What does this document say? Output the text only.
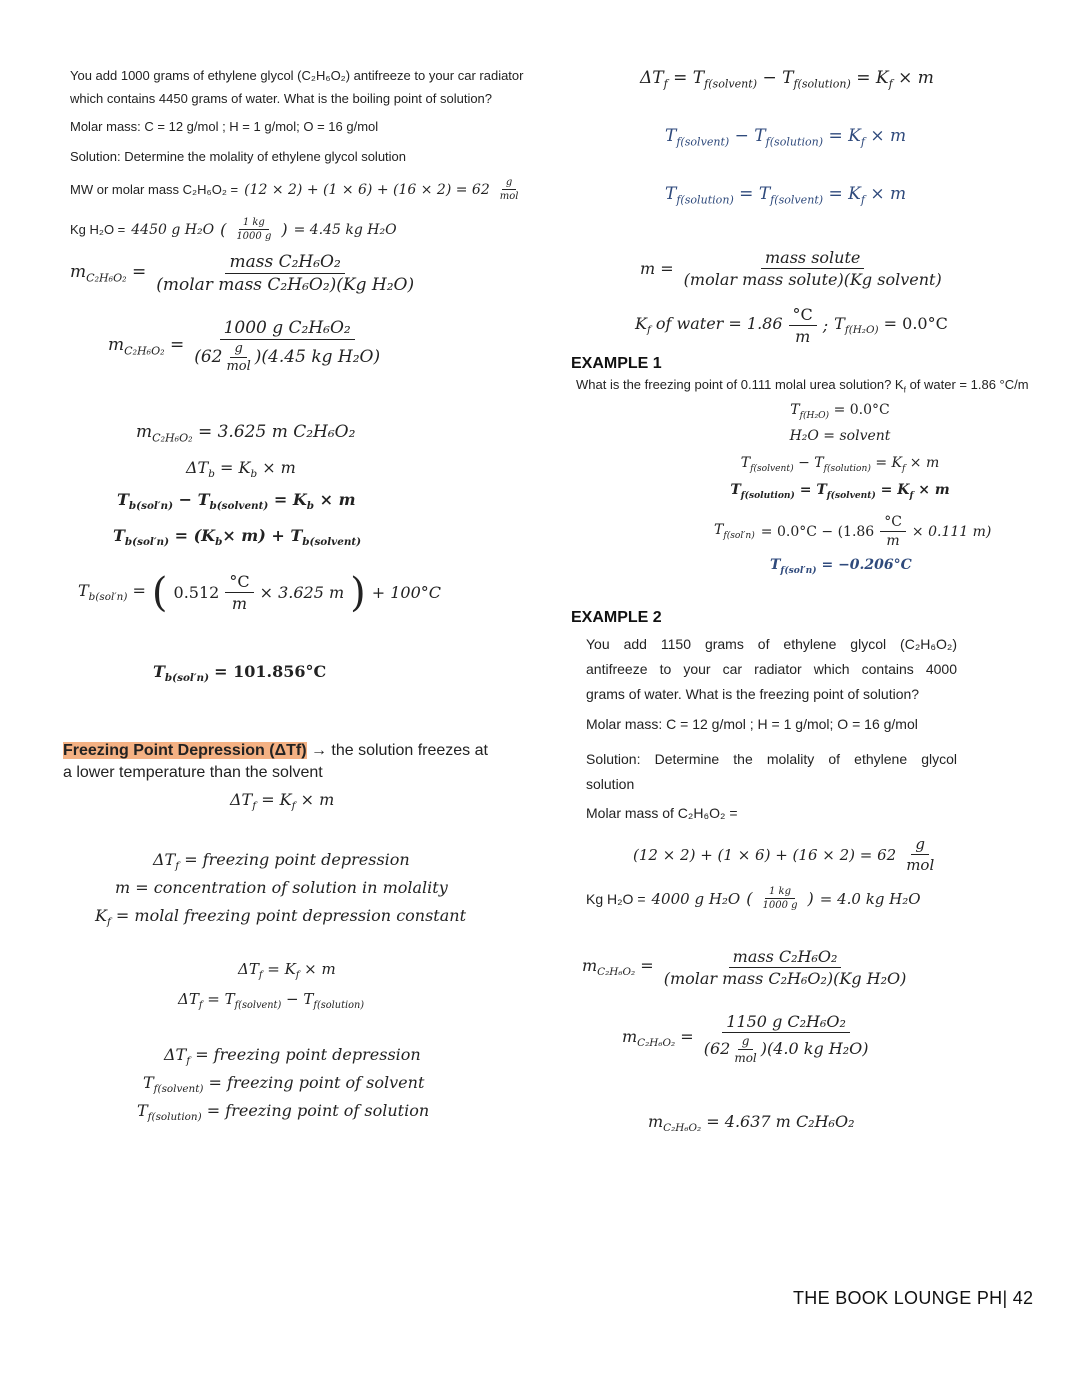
You add 1000 grams of ethylene glycol (C₂H₆O₂) antifreeze to your car radiator
which contains 4450 grams of water. What is the boiling point of solution?
Molar mass: C = 12 g/mol ; H = 1 g/mol; O = 16 g/mol
Solution: Determine the molality of ethylene glycol solution
MW or molar mass $C_2H_6O_2 = (12 \times 2) + (1 \times 6) + (16 \times 2) = 62 \frac{g}{\text{mol}}$
Kg H₂O = 4450 g H₂O ( $\frac{1 kg}{1000 g}$ ) = 4.45 kg H₂O
$m_{C_2H_6O_2} = \frac{\text{mass C₂H₆O₂}}{\text{(molar mass C₂H₆O₂)(Kg H₂O)}}$
$m_{C_2H_6O_2} = \frac{\text{1000 g C₂H₆O₂}}{(62 \frac{g}{\text{mol}} )(4.45 kg H_2O)}$
$m_{C_2H_6O_2} = 3.625$ m C₂H₆O₂
$\Delta T_b = K_b \times m$
$T_{b(sol'n)} - T_{b(solvent)} = K_b \times m$
$T_{b(sol'n)} = (K_b\times m) + T_{b(solvent)}$
$T_{b(sol'n)}$ = ( $0.512 \frac{^\circ C}{m} \times 3.625$ m ) + 100°C
$T_{b(sol'n)} = 101.856^\circ C$
Freezing Point Depression (ΔTf) → the solution freezes at
a lower temperature than the solvent
$\Delta T_f = K_f \times m$
$\Delta T_f$ = freezing point depression
m = concentration of solution in molality
$K_f$ = molal freezing point depression constant
$\Delta T_f = K_f \times m$
$\Delta T_f = T_{f(solvent)} - T_{f(solution)}$
$\Delta T_f$ = freezing point depression
$T_{f(solvent)}$ = freezing point of solvent
$T_{f(solution)}$ = freezing point of solution
$\Delta T_f = T_{f(solvent)} - T_{f(solution)} = K_f \times m$
$T_{f(solvent)} - T_{f(solution)} = K_f \times m$
$T_{f(solution)} = T_{f(solvent)} = K_f \times m$
$m = \frac{\text{mass solute}}{\text{(molar mass solute)(Kg solvent)}}$
$K_f$ of water = $1.86 \frac{^\circ C}{m}$ ; $T_{f(H_2O)} = 0.0^\circ C$
EXAMPLE 1
What is the freezing point of 0.111 molal urea solution? $K_f$ of water = 1.86 °C/m
$T_{f(H_2O)} = 0.0^\circ C$
H₂O = solvent
$T_{f(solvent)} - T_{f(solution)} = K_f \times m$
$T_{f(solution)} = T_{f(solvent)} = K_f \times m$
$T_{f(sol'n)} = 0.0^\circ C - (1.86 \frac{^\circ C}{m} \times 0.111$ m)
$T_{f(sol'n)} = -0.206^\circ C$
EXAMPLE 2
You add 1150 grams of ethylene glycol (C₂H₆O₂)
antifreeze to your car radiator which contains 4000
grams of water. What is the freezing point of solution?
Molar mass: C = 12 g/mol ; H = 1 g/mol; O = 16 g/mol
Solution: Determine the molality of ethylene glycol
solution
Molar mass of C₂H₆O₂ =
$(12 \times 2) + (1 \times 6) + (16 \times 2) = 62 \frac{g}{\text{mol}}$
Kg H₂O = 4000 g H₂O ( $\frac{1 kg}{1000 g}$ ) = 4.0 kg H₂O
$m_{C_2H_6O_2} = \frac{\text{mass C₂H₆O₂}}{\text{(molar mass C₂H₆O₂)(Kg H₂O)}}$
$m_{C_2H_6O_2} = \frac{\text{1150 g C₂H₆O₂}}{(62 \frac{g}{\text{mol}} )(4.0 kg H_2O)}$
$m_{C_2H_6O_2} = 4.637$ m C₂H₆O₂
THE BOOK LOUNGE PH| 42
